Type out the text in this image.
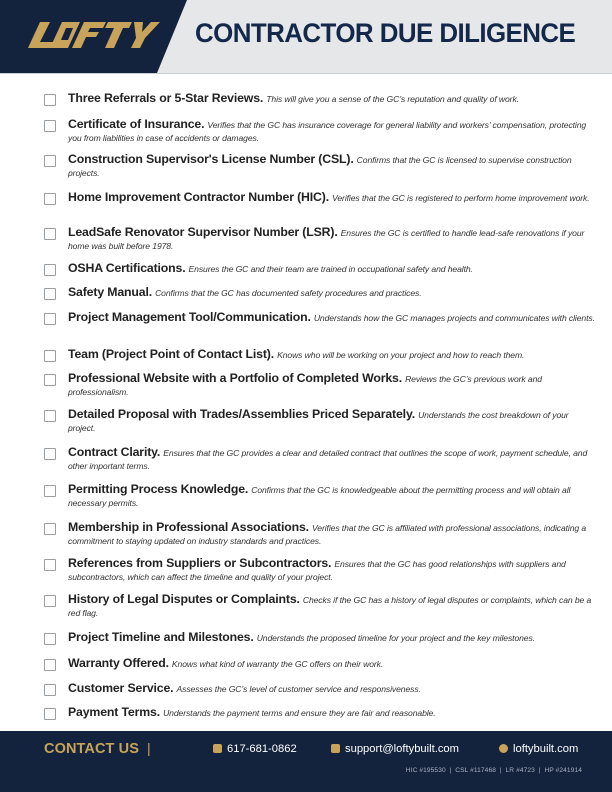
CONTRACTOR DUE DILIGENCE

Three Referrals or 5-Star Reviews. This will give you a sense of the GC’s reputation and quality of work.

Certificate of Insurance. Verifies that the GC has insurance coverage for general liability and workers’ compensation, protecting you from liabilities in case of accidents or damages.

Construction Supervisor's License Number (CSL). Confirms that the GC is licensed to supervise construction projects.

Home Improvement Contractor Number (HIC). Verifies that the GC is registered to perform home improvement work.

LeadSafe Renovator Supervisor Number (LSR). Ensures the GC is certified to handle lead-safe renovations if your home was built before 1978.

OSHA Certifications. Ensures the GC and their team are trained in occupational safety and health.

Safety Manual. Confirms that the GC has documented safety procedures and practices.

Project Management Tool/Communication. Understands how the GC manages projects and communicates with clients.

Team (Project Point of Contact List). Knows who will be working on your project and how to reach them.

Professional Website with a Portfolio of Completed Works. Reviews the GC’s previous work and professionalism.

Detailed Proposal with Trades/Assemblies Priced Separately. Understands the cost breakdown of your project.

Contract Clarity. Ensures that the GC provides a clear and detailed contract that outlines the scope of work, payment schedule, and other important terms.

Permitting Process Knowledge. Confirms that the GC is knowledgeable about the permitting process and will obtain all necessary permits.

Membership in Professional Associations. Verifies that the GC is affiliated with professional associations, indicating a commitment to staying updated on industry standards and practices.

References from Suppliers or Subcontractors. Ensures that the GC has good relationships with suppliers and subcontractors, which can affect the timeline and quality of your project.

History of Legal Disputes or Complaints. Checks if the GC has a history of legal disputes or complaints, which can be a red flag.

Project Timeline and Milestones. Understands the proposed timeline for your project and the key milestones.

Warranty Offered. Knows what kind of warranty the GC offers on their work.

Customer Service. Assesses the GC’s level of customer service and responsiveness.

Payment Terms. Understands the payment terms and ensure they are fair and reasonable.

CONTACT US |	617-681-0862	support@loftybuilt.com	loftybuilt.com
HIC #195530  |  CSL #117468  |  LR #4723  |  HP #241914
